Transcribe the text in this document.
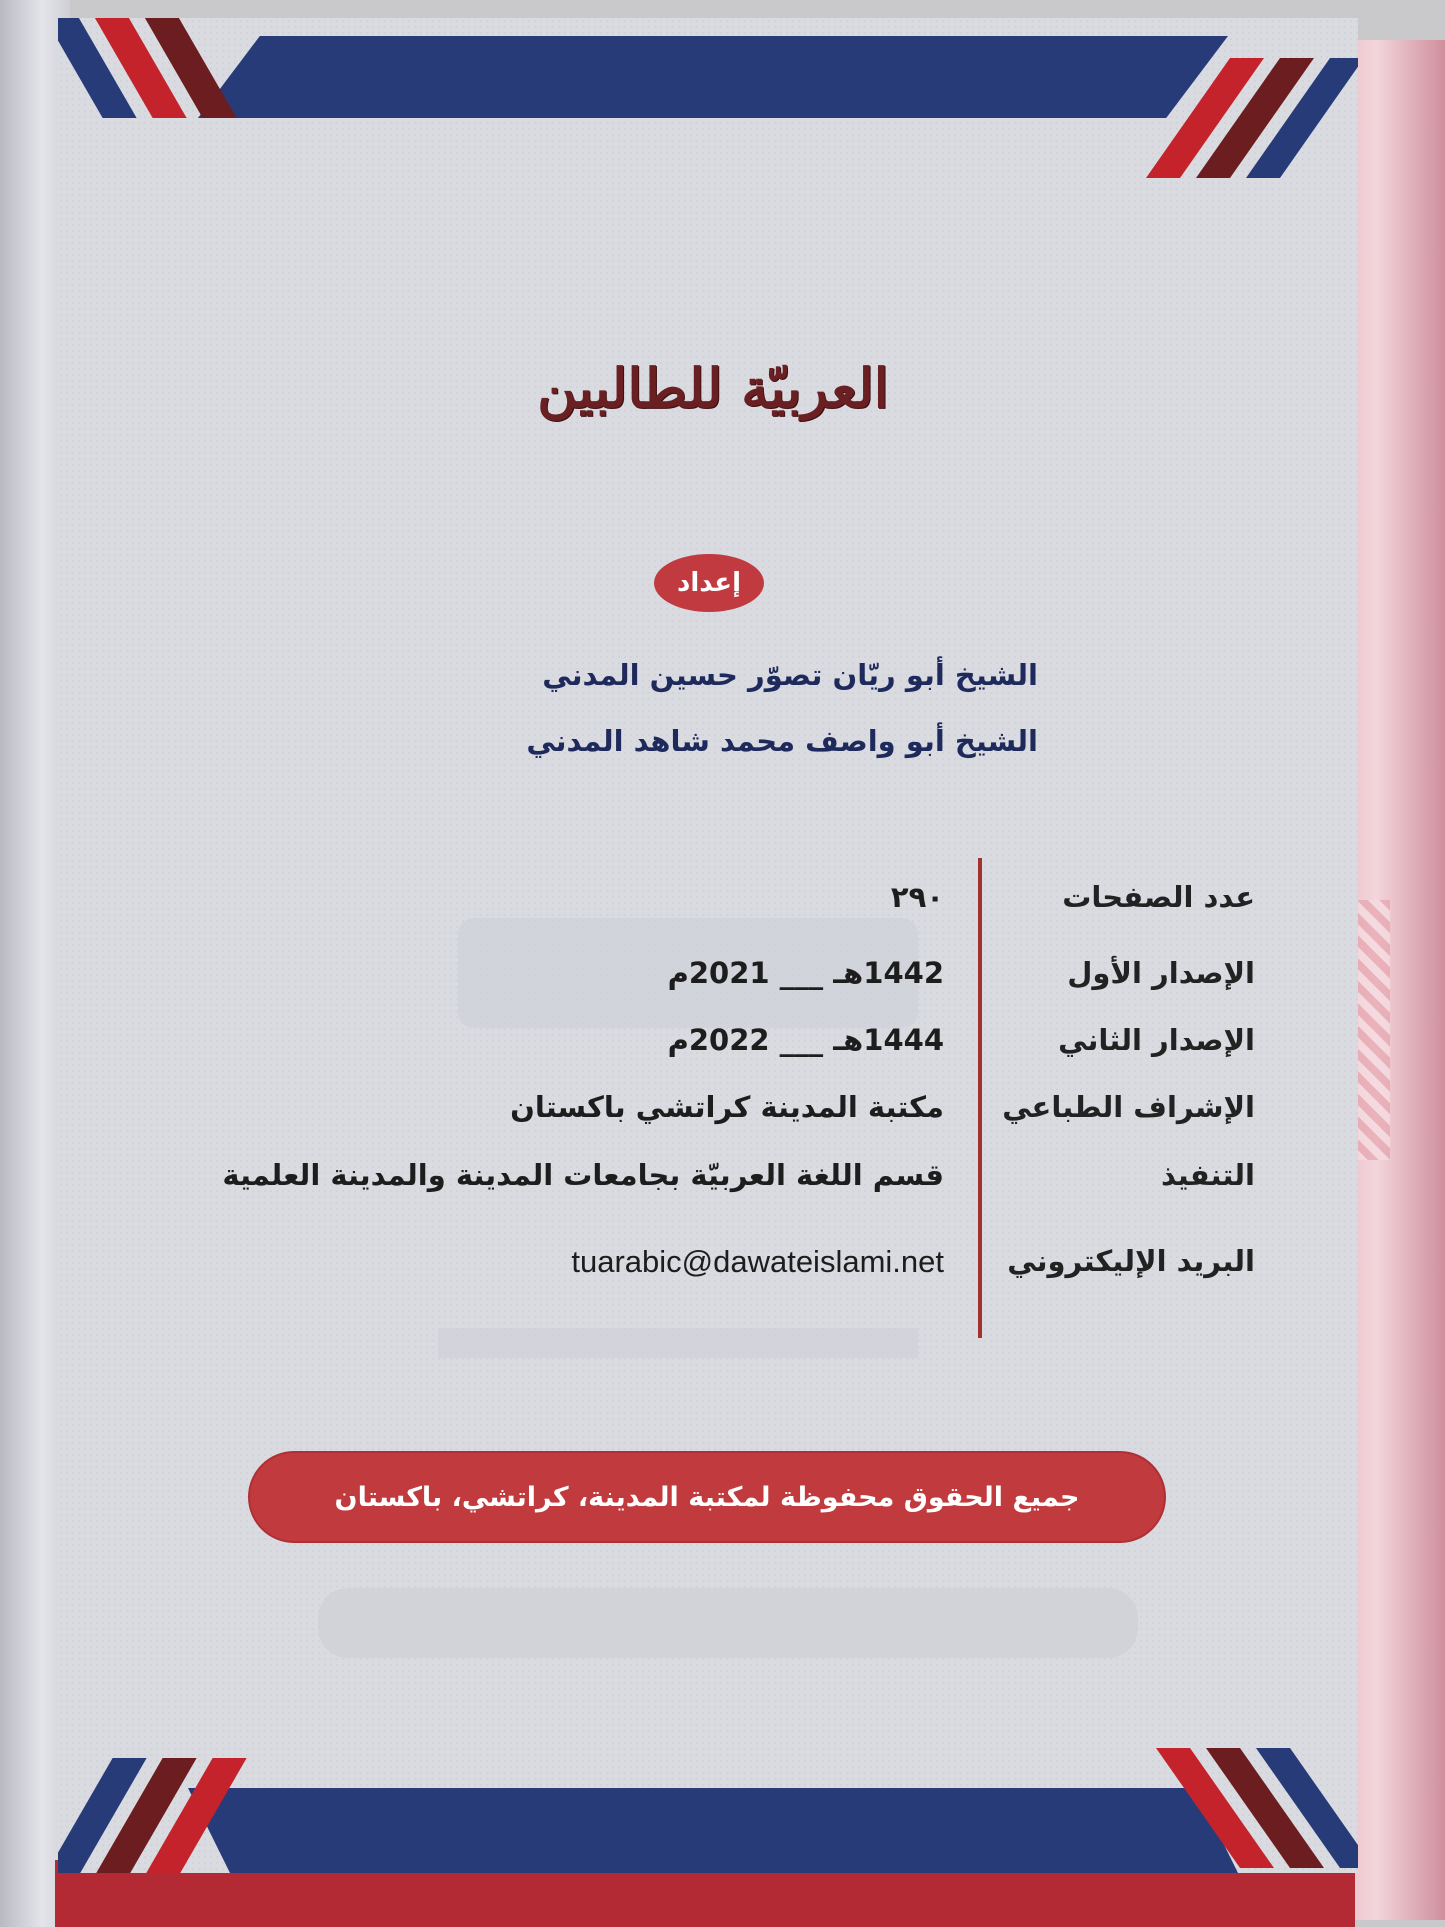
العربيّة للطالبين
إعداد
الشيخ أبو ريّان تصوّر حسين المدني
الشيخ أبو واصف محمد شاهد المدني
عدد الصفحات
٢٩٠
الإصدار الأول
1442هـ ___ 2021م
الإصدار الثاني
1444هـ ___ 2022م
الإشراف الطباعي
مكتبة المدينة كراتشي باكستان
التنفيذ
قسم اللغة العربيّة بجامعات المدينة والمدينة العلمية
البريد الإليكتروني
tuarabic@dawateislami.net
جميع الحقوق محفوظة لمكتبة المدينة، كراتشي، باكستان
